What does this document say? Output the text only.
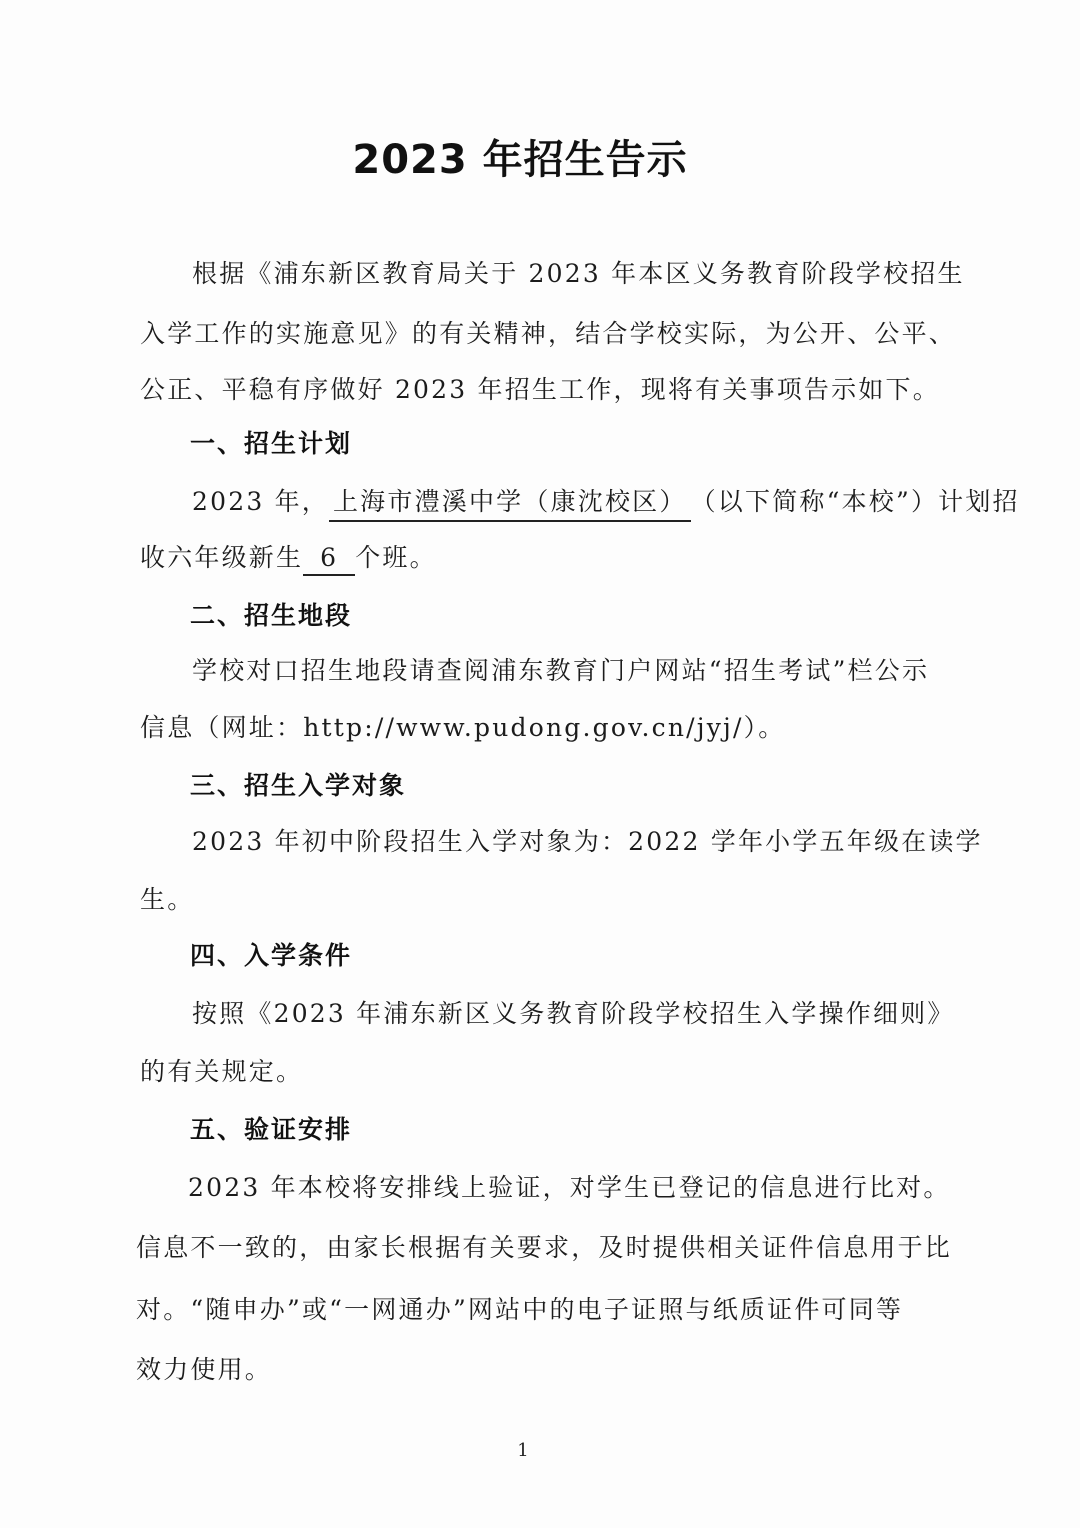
2023 年招生告示
根据《浦东新区教育局关于 2023 年本区义务教育阶段学校招生
入学工作的实施意见》的有关精神，结合学校实际，为公开、公平、
公正、平稳有序做好 2023 年招生工作，现将有关事项告示如下。
一、招生计划
2023 年， 上海市澧溪中学（康沈校区） （以下简称“本校”）计划招
收六年级新生 6 个班。
二、招生地段
学校对口招生地段请查阅浦东教育门户网站“招生考试”栏公示
信息（网址：http://www.pudong.gov.cn/jyj/）。
三、招生入学对象
2023 年初中阶段招生入学对象为：2022 学年小学五年级在读学
生。
四、入学条件
按照《2023 年浦东新区义务教育阶段学校招生入学操作细则》
的有关规定。
五、验证安排
2023 年本校将安排线上验证，对学生已登记的信息进行比对。
信息不一致的，由家长根据有关要求，及时提供相关证件信息用于比
对。“随申办”或“一网通办”网站中的电子证照与纸质证件可同等
效力使用。
1
